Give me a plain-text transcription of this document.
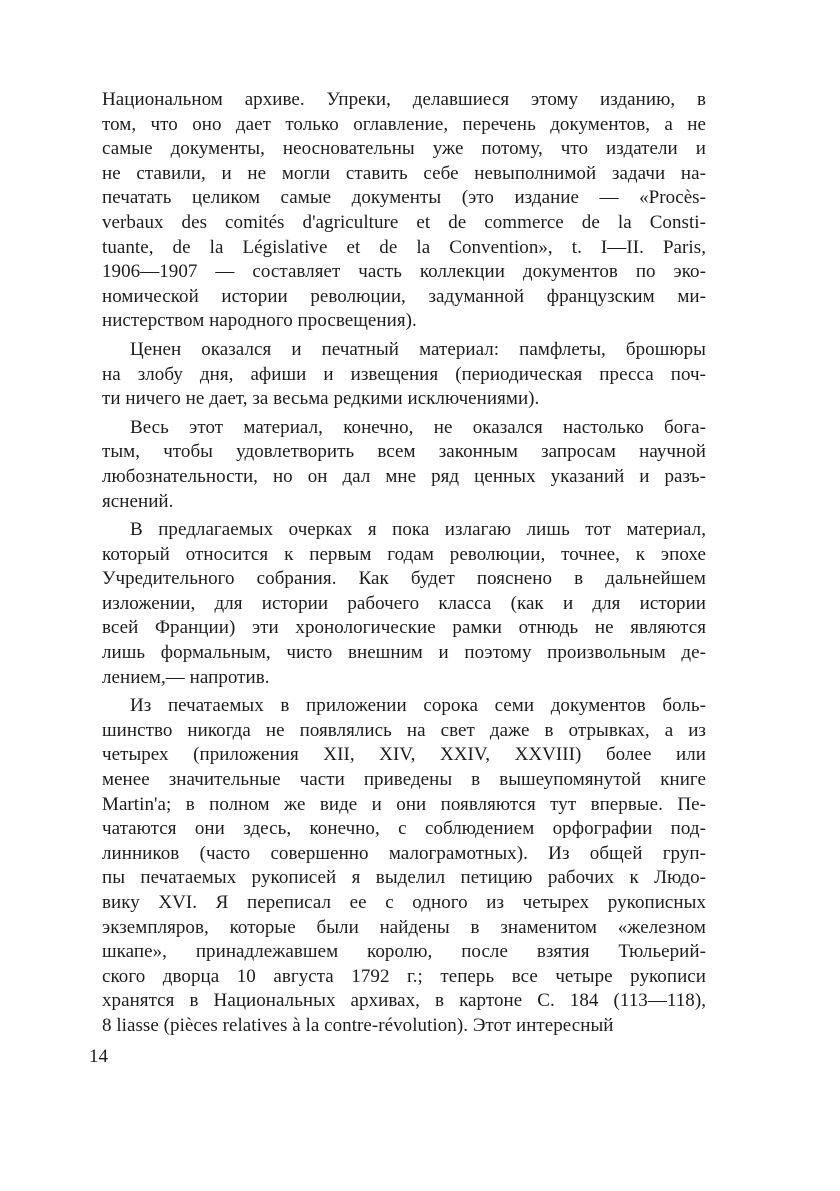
Национальном архиве. Упреки, делавшиеся этому изданию, в
том, что оно дает только оглавление, перечень документов, а не
самые документы, неосновательны уже потому, что издатели и
не ставили, и не могли ставить себе невыполнимой задачи на-
печатать целиком самые документы (это издание — «Procès-
verbaux des comités d'agriculture et de commerce de la Consti-
tuante, de la Législative et de la Convention», t. I—II. Paris,
1906—1907 — составляет часть коллекции документов по эко-
номической истории революции, задуманной французским ми-
нистерством народного просвещения).
Ценен оказался и печатный материал: памфлеты, брошюры
на злобу дня, афиши и извещения (периодическая пресса поч-
ти ничего не дает, за весьма редкими исключениями).
Весь этот материал, конечно, не оказался настолько бога-
тым, чтобы удовлетворить всем законным запросам научной
любознательности, но он дал мне ряд ценных указаний и разъ-
яснений.
В предлагаемых очерках я пока излагаю лишь тот материал,
который относится к первым годам революции, точнее, к эпохе
Учредительного собрания. Как будет пояснено в дальнейшем
изложении, для истории рабочего класса (как и для истории
всей Франции) эти хронологические рамки отнюдь не являются
лишь формальным, чисто внешним и поэтому произвольным де-
лением,— напротив.
Из печатаемых в приложении сорока семи документов боль-
шинство никогда не появлялись на свет даже в отрывках, а из
четырех (приложения XII, XIV, XXIV, XXVIII) более или
менее значительные части приведены в вышеупомянутой книге
Martin'a; в полном же виде и они появляются тут впервые. Пе-
чатаются они здесь, конечно, с соблюдением орфографии под-
линников (часто совершенно малограмотных). Из общей груп-
пы печатаемых рукописей я выделил петицию рабочих к Людо-
вику XVI. Я переписал ее с одного из четырех рукописных
экземпляров, которые были найдены в знаменитом «железном
шкапе», принадлежавшем королю, после взятия Тюльерий-
ского дворца 10 августа 1792 г.; теперь все четыре рукописи
хранятся в Национальных архивах, в картоне С. 184 (113—118),
8 liasse (pièces relatives à la contre-révolution). Этот интересный
14
